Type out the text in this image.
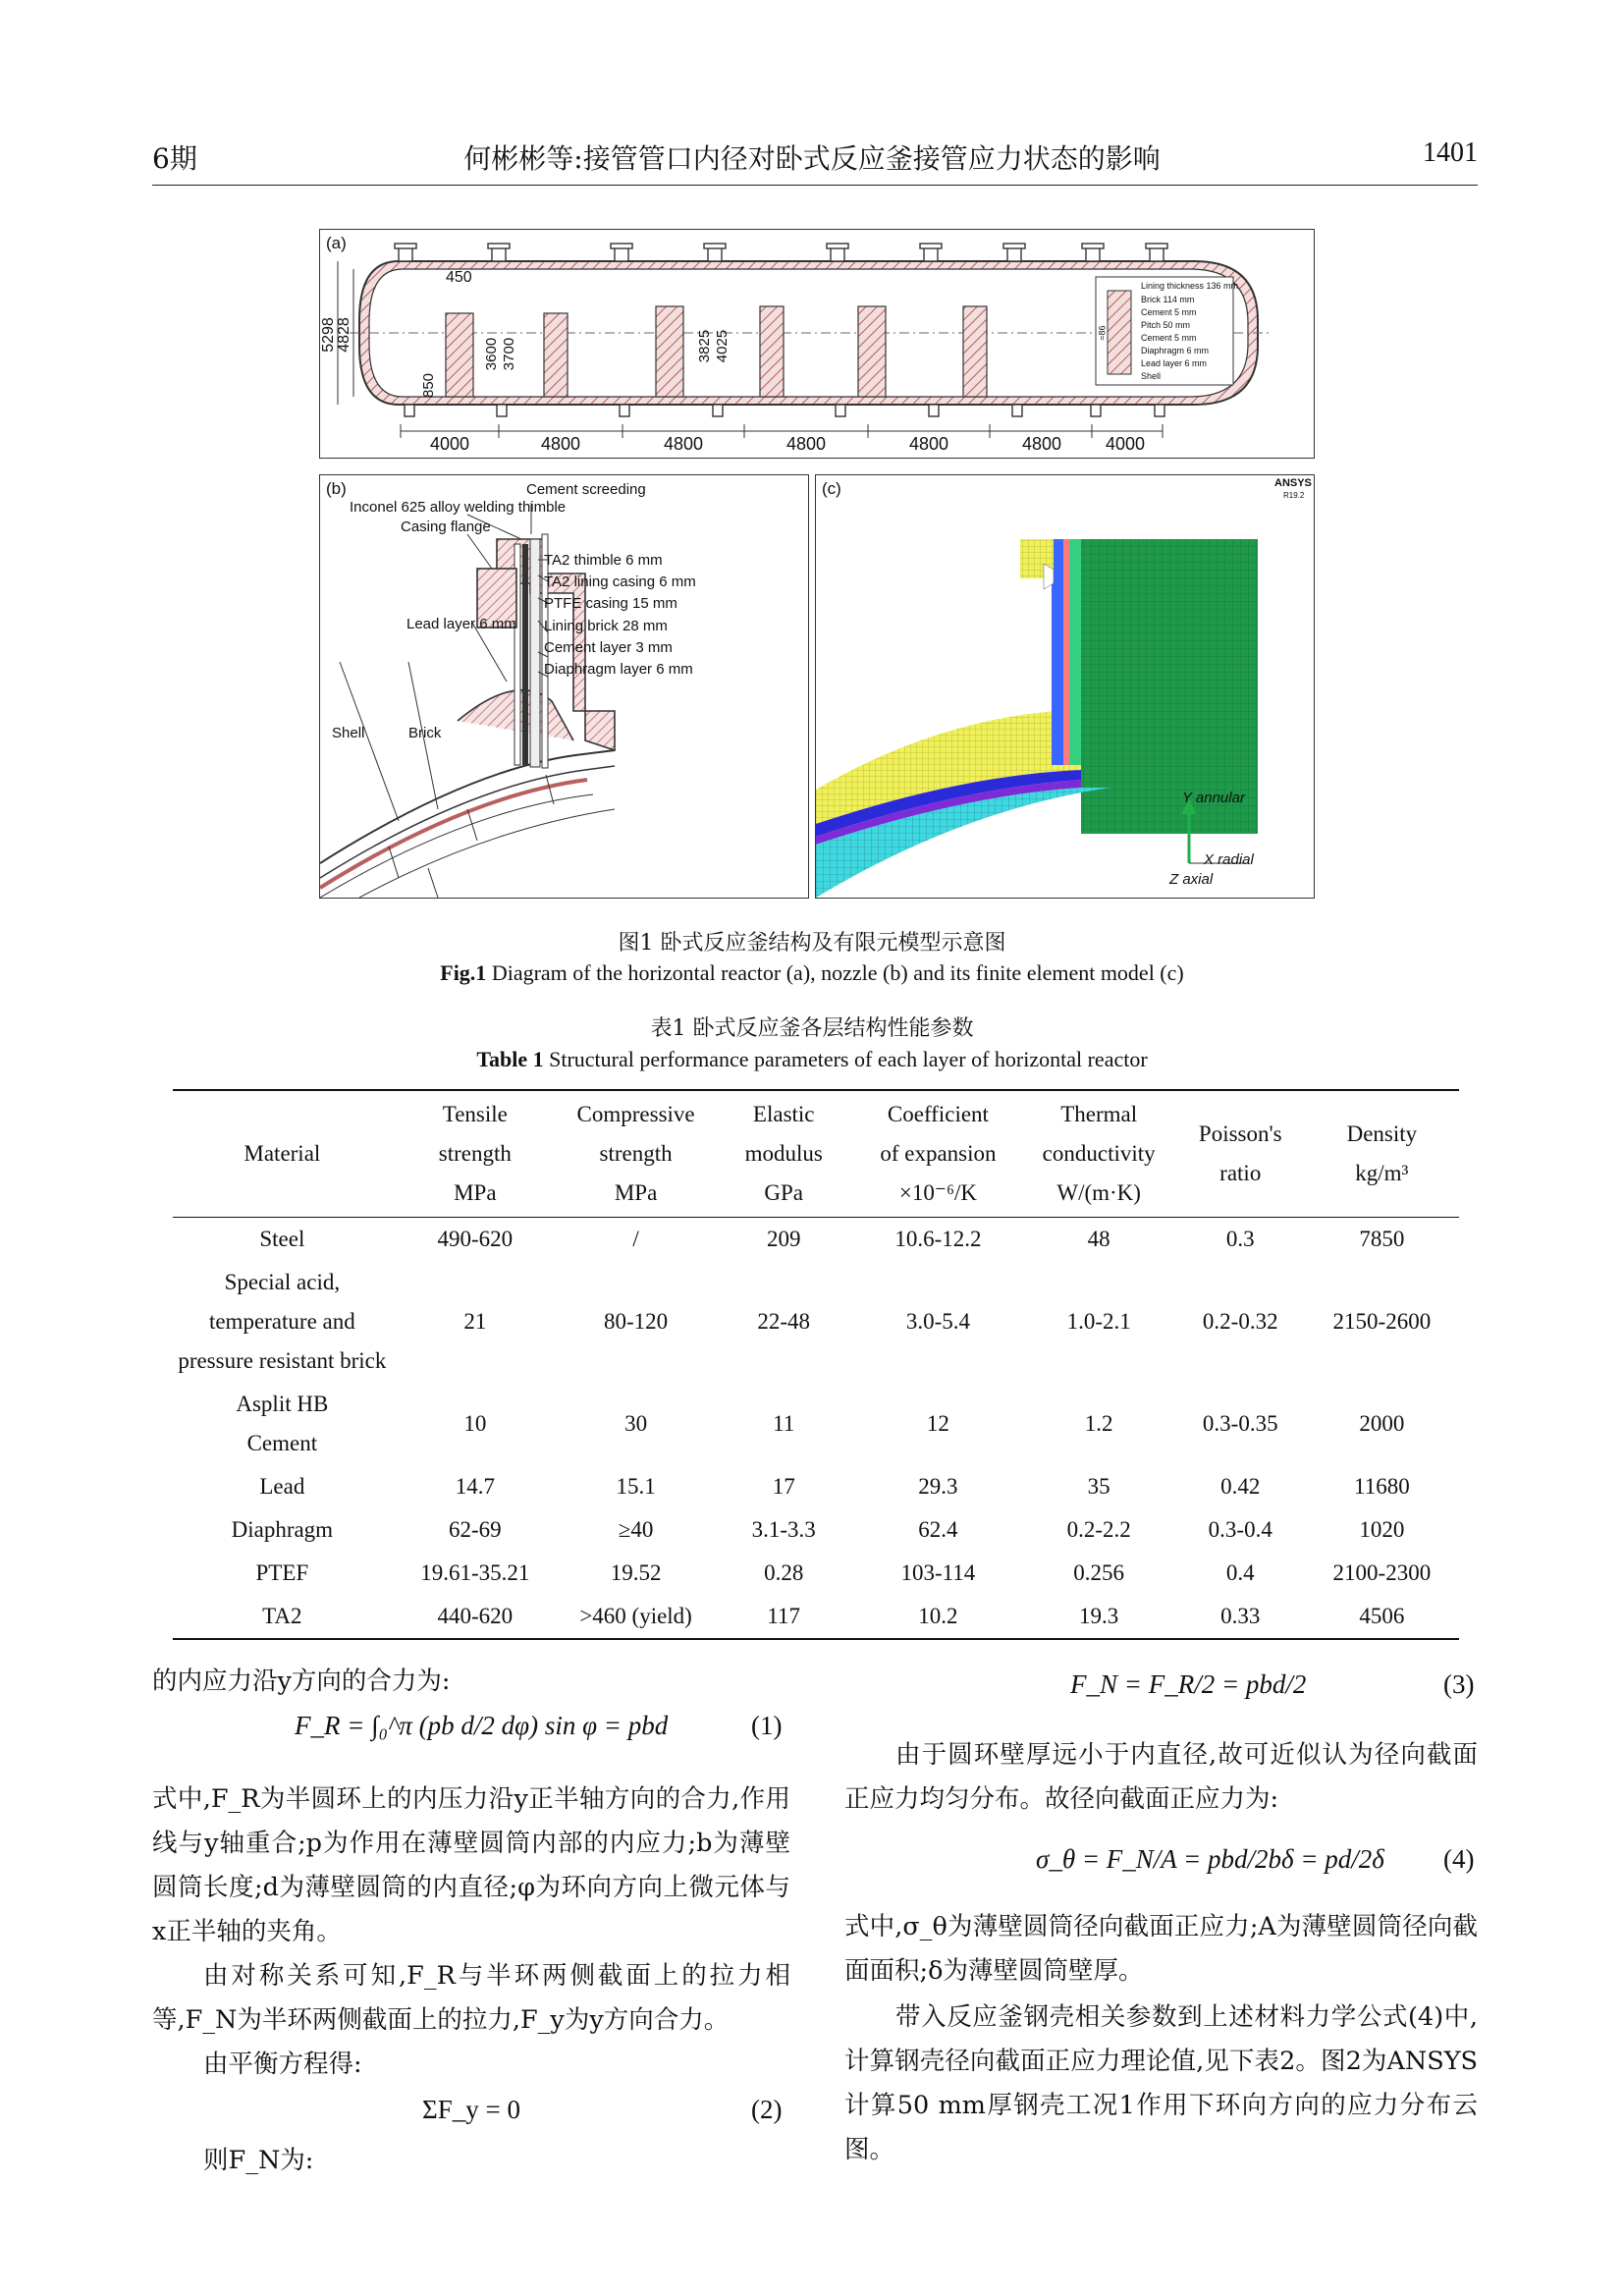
6期	何彬彬等:接管管口内径对卧式反应釜接管应力状态的影响	1401
(a)
5298 4828
450
3600 3700	3825 4025
850
4000	4800	4800	4800	4800	4800 4000
Lining thickness 136 mm
Brick 114 mm
Cement 5 mm
Pitch 50 mm
Cement 5 mm
Diaphragm 6 mm
Lead layer 6 mm
Shell
≈86
(b)	Cement screeding
Inconel 625 alloy welding thimble
Casing flange
TA2 thimble 6 mm
TA2 lining casing 6 mm
PTFE casing 15 mm
Lining brick 28 mm
Cement layer 3 mm
Diaphragm layer 6 mm
Lead layer 6 mm
Shell	Brick
(c)	ANSYS
R19.2
Y annular
X radial
Z axial
图1 卧式反应釜结构及有限元模型示意图
Fig.1 Diagram of the horizontal reactor (a), nozzle (b) and its finite element model (c)
表1 卧式反应釜各层结构性能参数
Table 1 Structural performance parameters of each layer of horizontal reactor
Material	Tensile
strength
MPa	Compressive
strength
MPa	Elastic
modulus
GPa	Coefficient
of expansion
×10⁻⁶/K	Thermal
conductivity
W/(m·K)	Poisson's
ratio	Density
kg/m³
Steel	490-620	/	209	10.6-12.2	48	0.3	7850
Special acid,
temperature and
pressure resistant brick	21	80-120	22-48	3.0-5.4	1.0-2.1	0.2-0.32	2150-2600
Asplit HB
Cement	10	30	11	12	1.2	0.3-0.35	2000
Lead	14.7	15.1	17	29.3	35	0.42	11680
Diaphragm	62-69	≥40	3.1-3.3	62.4	0.2-2.2	0.3-0.4	1020
PTEF	19.61-35.21	19.52	0.28	103-114	0.256	0.4	2100-2300
TA2	440-620	>460 (yield)	117	10.2	19.3	0.33	4506
的内应力沿y方向的合力为:
F_R = ∫₀^π (pb d/2 dφ) sin φ = pbd	(1)
式中,F_R为半圆环上的内压力沿y正半轴方向的合力,作用线与y轴重合;p为作用在薄壁圆筒内部的内应力;b为薄壁圆筒长度;d为薄壁圆筒的内直径;φ为环向方向上微元体与x正半轴的夹角。
由对称关系可知,F_R与半环两侧截面上的拉力相等,F_N为半环两侧截面上的拉力,F_y为y方向合力。
由平衡方程得:
ΣF_y = 0	(2)
则F_N为:
F_N = F_R/2 = pbd/2	(3)
由于圆环壁厚远小于内直径,故可近似认为径向截面正应力均匀分布。故径向截面正应力为:
σ_θ = F_N/A = pbd/2bδ = pd/2δ (4)
式中,σ_θ为薄壁圆筒径向截面正应力;A为薄壁圆筒径向截面面积;δ为薄壁圆筒壁厚。
带入反应釜钢壳相关参数到上述材料力学公式(4)中,计算钢壳径向截面正应力理论值,见下表2。图2为ANSYS计算50 mm厚钢壳工况1作用下环向方向的应力分布云图。
